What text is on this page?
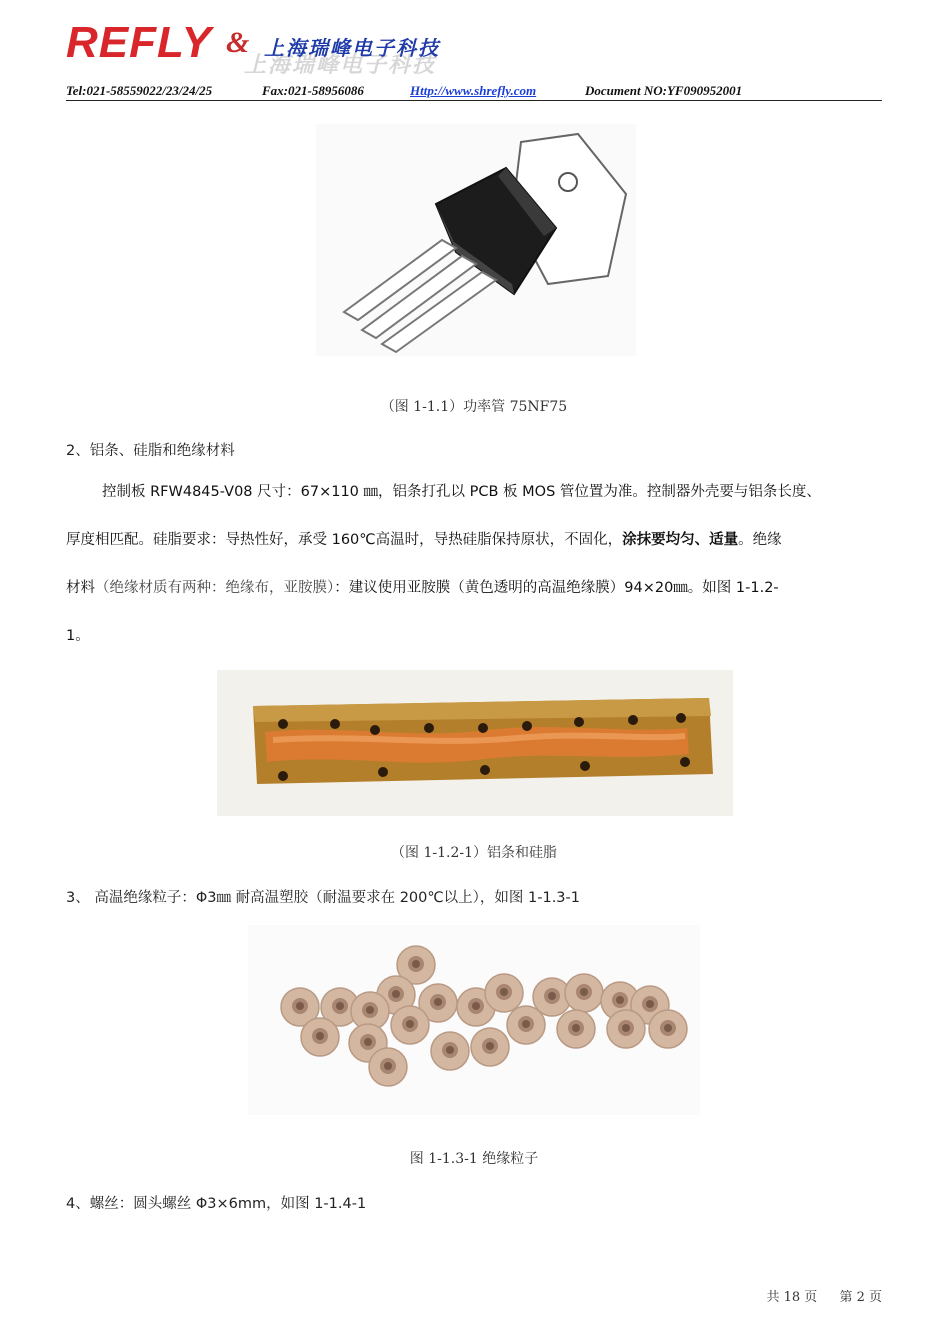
REFLY &
上海瑞峰电子科技
上海瑞峰电子科技
Tel:021-58559022/23/24/25	Fax:021-58956086	Http://www.shrefly.com	Document NO:YF090952001
（图 1-1.1）功率管 75NF75
2、铝条、硅脂和绝缘材料
控制板 RFW4845-V08 尺寸：67×110 ㎜，铝条打孔以 PCB 板 MOS 管位置为准。控制器外壳要与铝条长度、
厚度相匹配。硅脂要求：导热性好，承受 160℃高温时，导热硅脂保持原状，不固化，涂抹要均匀、适量。绝缘
材料（绝缘材质有两种：绝缘布，亚胺膜）：建议使用亚胺膜（黄色透明的高温绝缘膜）94×20㎜。如图 1-1.2-
1。
（图 1-1.2-1）铝条和硅脂
3、 高温绝缘粒子：Φ3㎜ 耐高温塑胶（耐温要求在 200℃以上），如图 1-1.3-1
图 1-1.3-1 绝缘粒子
4、螺丝：圆头螺丝 Φ3×6mm，如图 1-1.4-1
共 18 页 第 2 页
